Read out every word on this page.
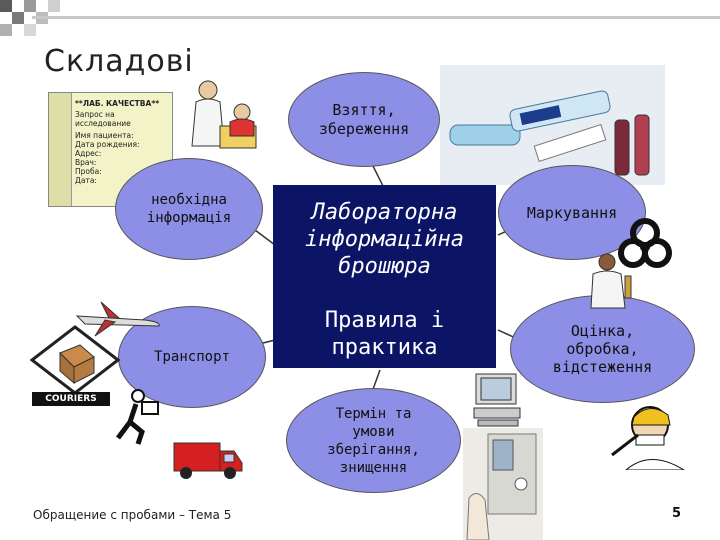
Складові
**ЛАБ. КАЧЕСТВА**
Запрос на исследование
Имя пациента:
Дата рождения:
Адрес:
Врач:
Проба:
Дата:
Взяття,
збереження
необхідна
інформація	Маркування
Транспорт
Оцінка,
обробка,
відстеження
Термін та
умови
зберігання,
знищення
Лабораторна
інформаційна
брошюра
Правила і
практика
COURIERS
Обращение с пробами – Тема 5	5
